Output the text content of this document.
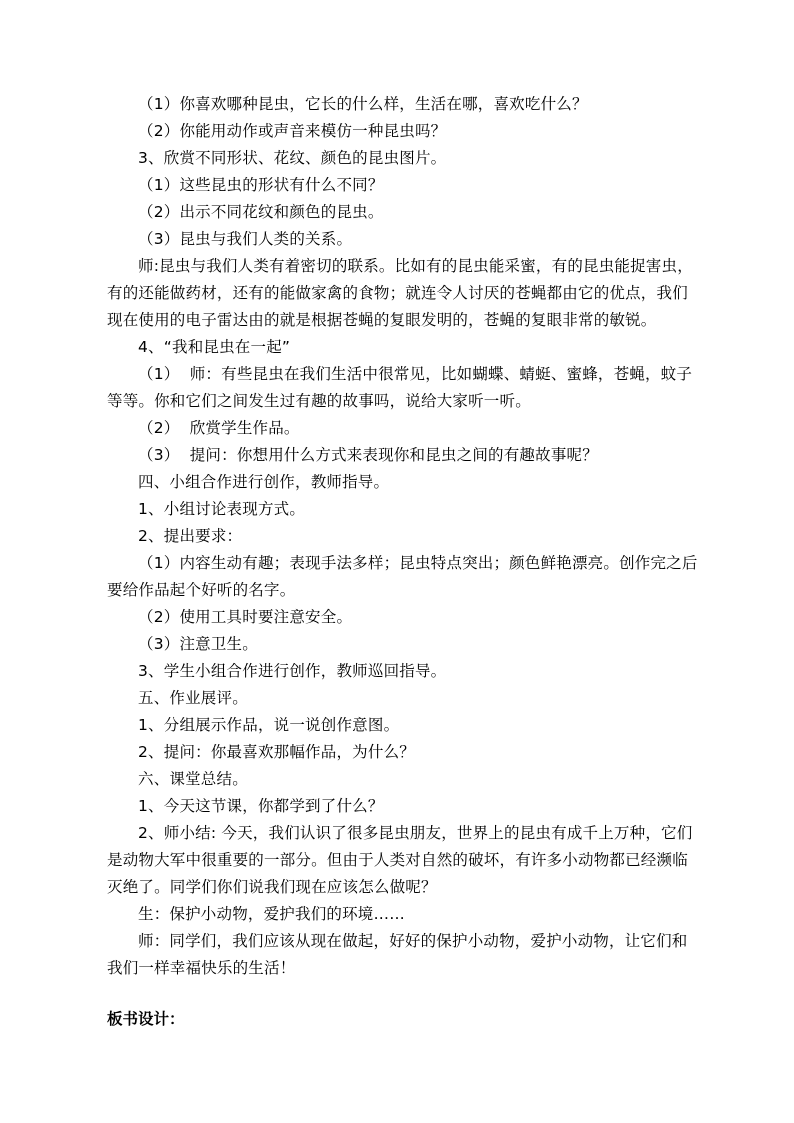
（1）你喜欢哪种昆虫，它长的什么样，生活在哪，喜欢吃什么？
（2）你能用动作或声音来模仿一种昆虫吗？
3、欣赏不同形状、花纹、颜色的昆虫图片。
（1）这些昆虫的形状有什么不同？
（2）出示不同花纹和颜色的昆虫。
（3）昆虫与我们人类的关系。
师:昆虫与我们人类有着密切的联系。比如有的昆虫能采蜜，有的昆虫能捉害虫，
有的还能做药材，还有的能做家禽的食物；就连令人讨厌的苍蝇都由它的优点，我们
现在使用的电子雷达由的就是根据苍蝇的复眼发明的，苍蝇的复眼非常的敏锐。
4、“我和昆虫在一起”
（1）  师：有些昆虫在我们生活中很常见，比如蝴蝶、蜻蜓、蜜蜂，苍蝇，蚊子
等等。你和它们之间发生过有趣的故事吗，说给大家听一听。
（2）  欣赏学生作品。
（3）  提问：你想用什么方式来表现你和昆虫之间的有趣故事呢？
四、小组合作进行创作，教师指导。
1、小组讨论表现方式。
2、提出要求：
（1）内容生动有趣；表现手法多样；昆虫特点突出；颜色鲜艳漂亮。创作完之后
要给作品起个好听的名字。
（2）使用工具时要注意安全。
（3）注意卫生。
3、学生小组合作进行创作，教师巡回指导。
五、作业展评。
1、分组展示作品，说一说创作意图。
2、提问：你最喜欢那幅作品，为什么？
六、课堂总结。
1、今天这节课，你都学到了什么？
2、师小结: 今天，我们认识了很多昆虫朋友，世界上的昆虫有成千上万种，它们
是动物大军中很重要的一部分。但由于人类对自然的破坏，有许多小动物都已经濒临
灭绝了。同学们你们说我们现在应该怎么做呢？
生：保护小动物，爱护我们的环境……
师：同学们，我们应该从现在做起，好好的保护小动物，爱护小动物，让它们和
我们一样幸福快乐的生活！
板书设计：
